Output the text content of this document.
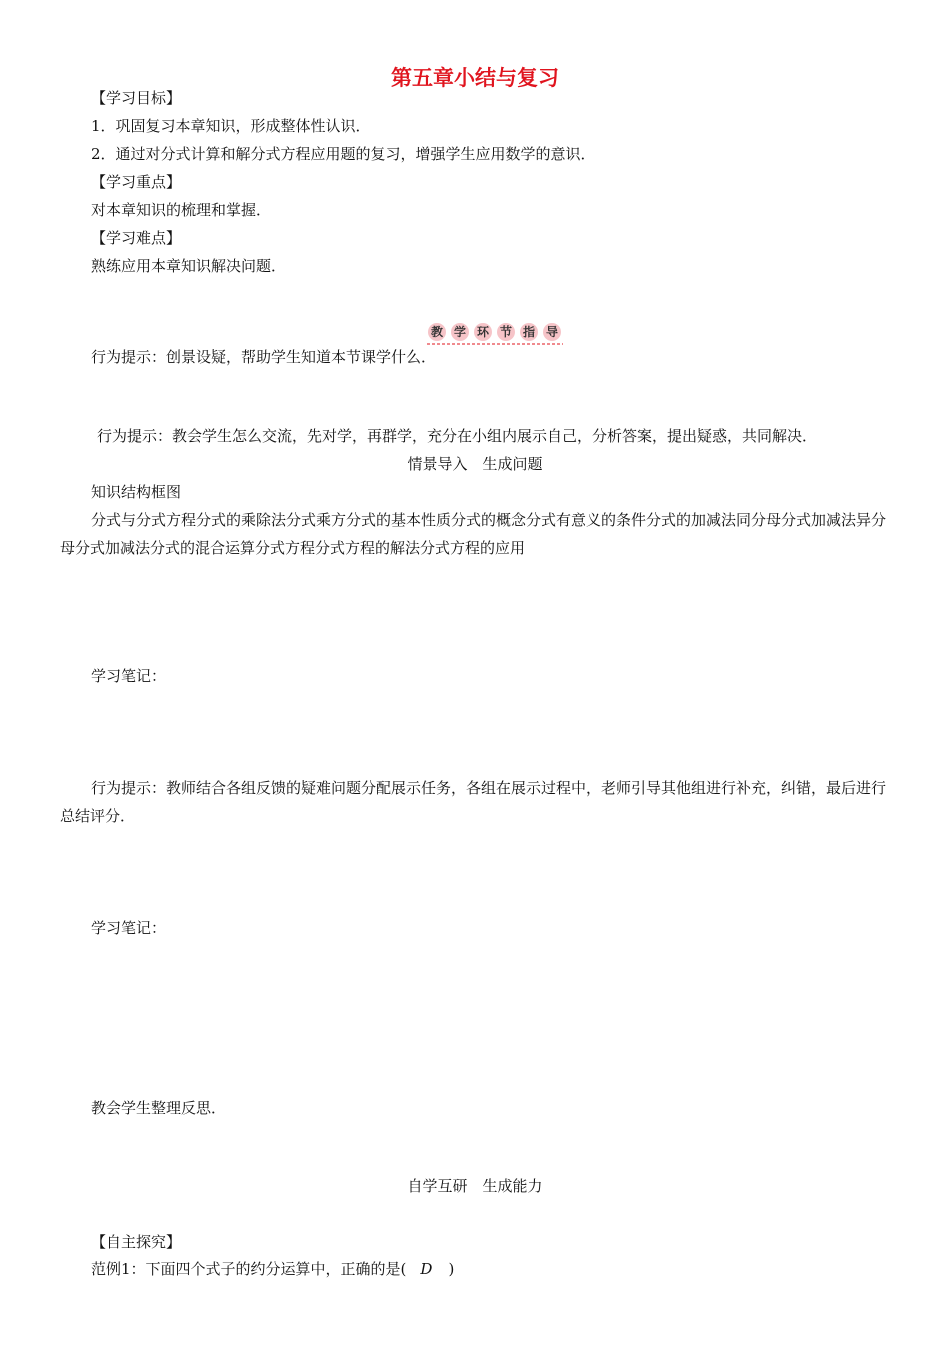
第五章小结与复习
【学习目标】
1．巩固复习本章知识，形成整体性认识．
2．通过对分式计算和解分式方程应用题的复习，增强学生应用数学的意识．
【学习重点】
对本章知识的梳理和掌握．
【学习难点】
熟练应用本章知识解决问题．
教 学 环 节 指 导
行为提示：创景设疑，帮助学生知道本节课学什么．
行为提示：教会学生怎么交流，先对学，再群学，充分在小组内展示自己，分析答案，提出疑惑，共同解决．
情景导入　生成问题
知识结构框图
分式与分式方程分式的乘除法分式乘方分式的基本性质分式的概念分式有意义的条件分式的加减法同分母分式加减法异分母分式加减法分式的混合运算分式方程分式方程的解法分式方程的应用
学习笔记：
行为提示：教师结合各组反馈的疑难问题分配展示任务，各组在展示过程中，老师引导其他组进行补充，纠错，最后进行总结评分．
学习笔记：
教会学生整理反思．
自学互研　生成能力
【自主探究】
范例1：下面四个式子的约分运算中，正确的是( D )
